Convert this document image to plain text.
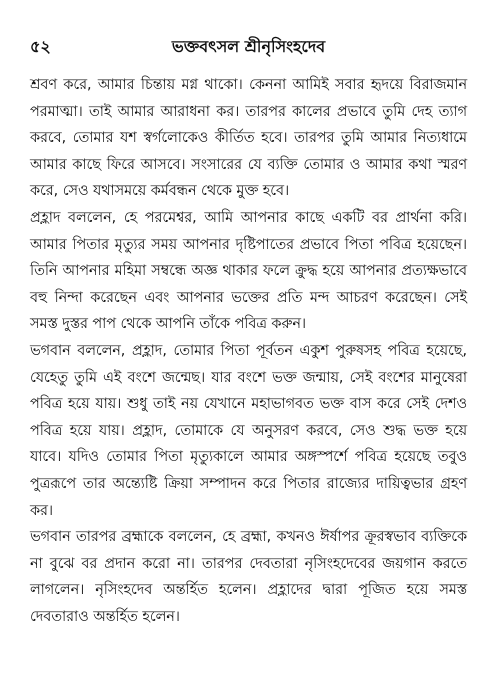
৫২	ভক্তবৎসল শ্রীনৃসিংহদেব

শ্রবণ করে, আমার চিন্তায় মগ্ন থাকো। কেননা আমিই সবার হৃদয়ে বিরাজমান পরমাত্মা। তাই আমার আরাধনা কর। তারপর কালের প্রভাবে তুমি দেহ ত্যাগ করবে, তোমার যশ স্বর্গলোকেও কীর্তিত হবে। তারপর তুমি আমার নিত্যধামে আমার কাছে ফিরে আসবে। সংসারের যে ব্যক্তি তোমার ও আমার কথা স্মরণ করে, সেও যথাসময়ে কর্মবন্ধন থেকে মুক্ত হবে।

প্রহ্লাদ বললেন, হে পরমেশ্বর, আমি আপনার কাছে একটি বর প্রার্থনা করি। আমার পিতার মৃত্যুর সময় আপনার দৃষ্টিপাতের প্রভাবে পিতা পবিত্র হয়েছেন। তিনি আপনার মহিমা সম্বন্ধে অজ্ঞ থাকার ফলে ক্রুদ্ধ হয়ে আপনার প্রত্যক্ষভাবে বহু নিন্দা করেছেন এবং আপনার ভক্তের প্রতি মন্দ আচরণ করেছেন। সেই সমস্ত দুস্তর পাপ থেকে আপনি তাঁকে পবিত্র করুন।

ভগবান বললেন, প্রহ্লাদ, তোমার পিতা পূর্বতন একুশ পুরুষসহ পবিত্র হয়েছে, যেহেতু তুমি এই বংশে জন্মেছ। যার বংশে ভক্ত জন্মায়, সেই বংশের মানুষেরা পবিত্র হয়ে যায়। শুধু তাই নয় যেখানে মহাভাগবত ভক্ত বাস করে সেই দেশও পবিত্র হয়ে যায়। প্রহ্লাদ, তোমাকে যে অনুসরণ করবে, সেও শুদ্ধ ভক্ত হয়ে যাবে। যদিও তোমার পিতা মৃত্যুকালে আমার অঙ্গস্পর্শে পবিত্র হয়েছে তবুও পুত্ররূপে তার অন্ত্যেষ্টি ক্রিয়া সম্পাদন করে পিতার রাজ্যের দায়িত্বভার গ্রহণ কর।

ভগবান তারপর ব্রহ্মাকে বললেন, হে ব্রহ্মা, কখনও ঈর্ষাপর ক্রূরস্বভাব ব্যক্তিকে না বুঝে বর প্রদান করো না। তারপর দেবতারা নৃসিংহদেবের জয়গান করতে লাগলেন। নৃসিংহদেব অন্তর্হিত হলেন। প্রহ্লাদের দ্বারা পূজিত হয়ে সমস্ত দেবতারাও অন্তর্হিত হলেন।
